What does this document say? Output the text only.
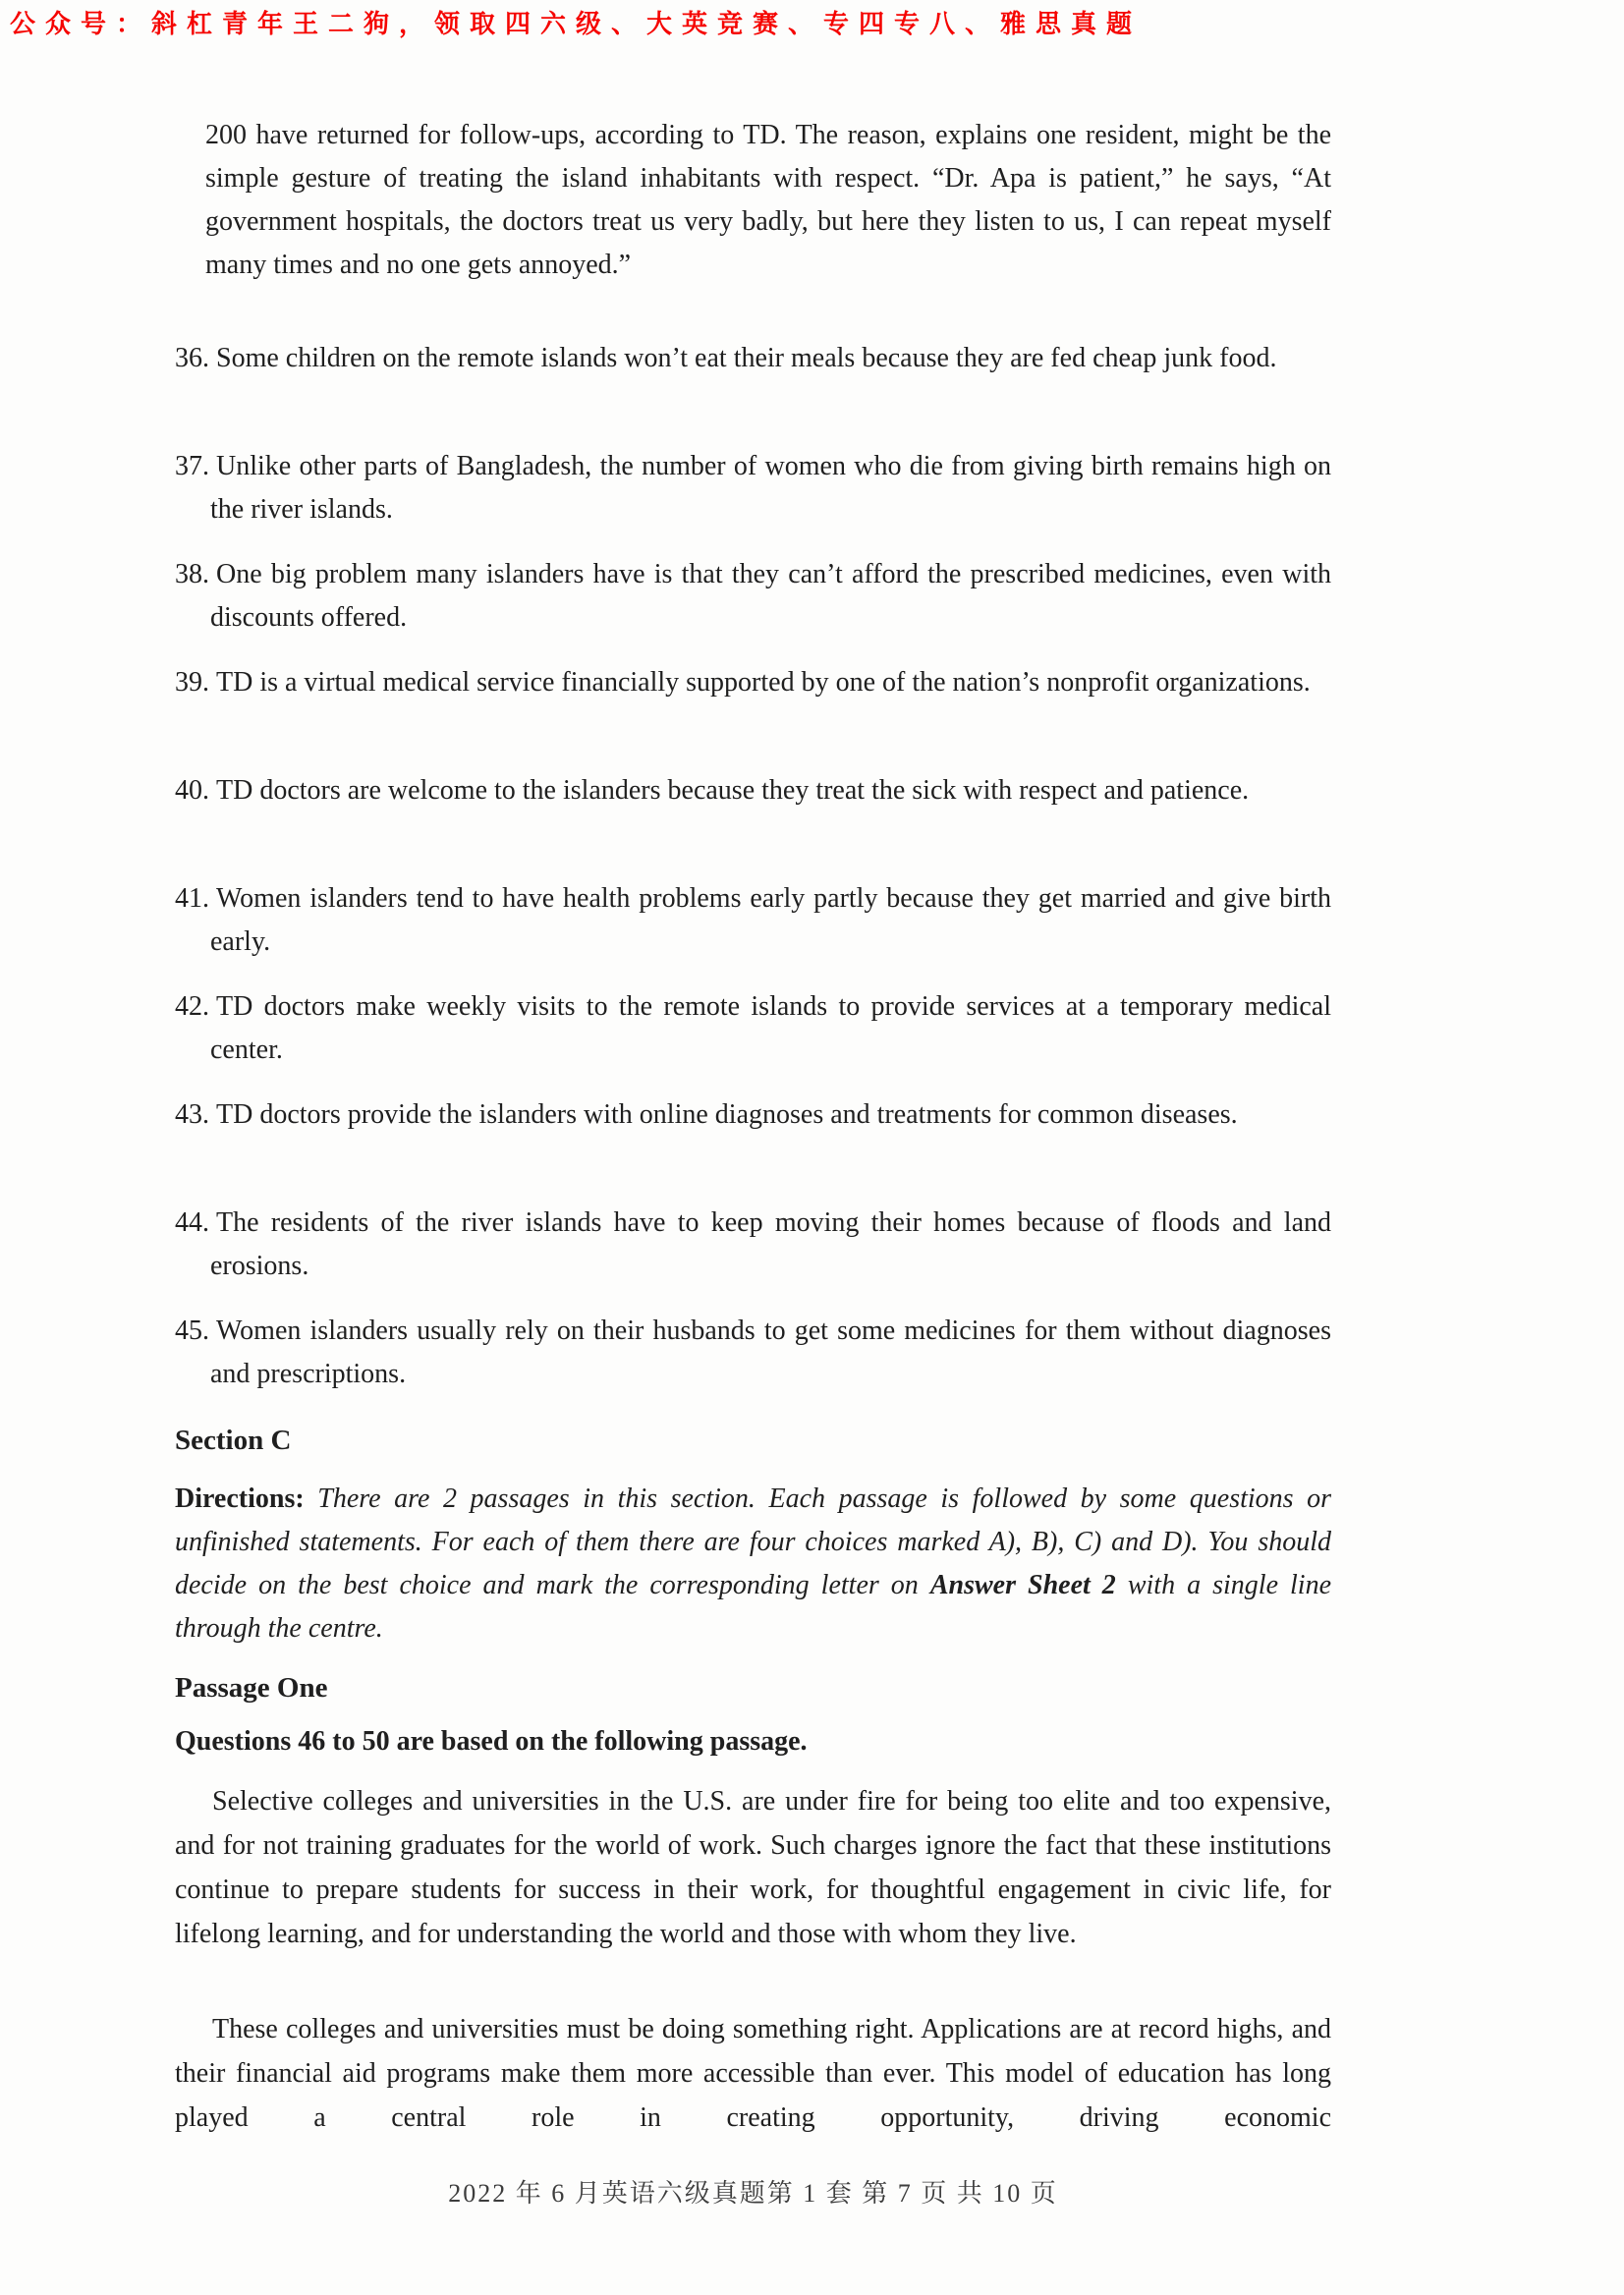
公众号：斜杠青年王二狗，领取四六级、大英竞赛、专四专八、雅思真题
200 have returned for follow-ups, according to TD. The reason, explains one resident, might be the simple gesture of treating the island inhabitants with respect. “Dr. Apa is patient,” he says, “At government hospitals, the doctors treat us very badly, but here they listen to us, I can repeat myself many times and no one gets annoyed.”
36. Some children on the remote islands won’t eat their meals because they are fed cheap junk food.
37. Unlike other parts of Bangladesh, the number of women who die from giving birth remains high on the river islands.
38. One big problem many islanders have is that they can’t afford the prescribed medicines, even with discounts offered.
39. TD is a virtual medical service financially supported by one of the nation’s nonprofit organizations.
40. TD doctors are welcome to the islanders because they treat the sick with respect and patience.
41. Women islanders tend to have health problems early partly because they get married and give birth early.
42. TD doctors make weekly visits to the remote islands to provide services at a temporary medical center.
43. TD doctors provide the islanders with online diagnoses and treatments for common diseases.
44. The residents of the river islands have to keep moving their homes because of floods and land erosions.
45. Women islanders usually rely on their husbands to get some medicines for them without diagnoses and prescriptions.
Section C
Directions: There are 2 passages in this section. Each passage is followed by some questions or unfinished statements. For each of them there are four choices marked A), B), C) and D). You should decide on the best choice and mark the corresponding letter on Answer Sheet 2 with a single line through the centre.
Passage One
Questions 46 to 50 are based on the following passage.
Selective colleges and universities in the U.S. are under fire for being too elite and too expensive, and for not training graduates for the world of work. Such charges ignore the fact that these institutions continue to prepare students for success in their work, for thoughtful engagement in civic life, for lifelong learning, and for understanding the world and those with whom they live.
These colleges and universities must be doing something right. Applications are at record highs, and their financial aid programs make them more accessible than ever. This model of education has long played a central role in creating opportunity, driving economic
2022 年 6 月英语六级真题第 1 套 第 7 页 共 10 页
